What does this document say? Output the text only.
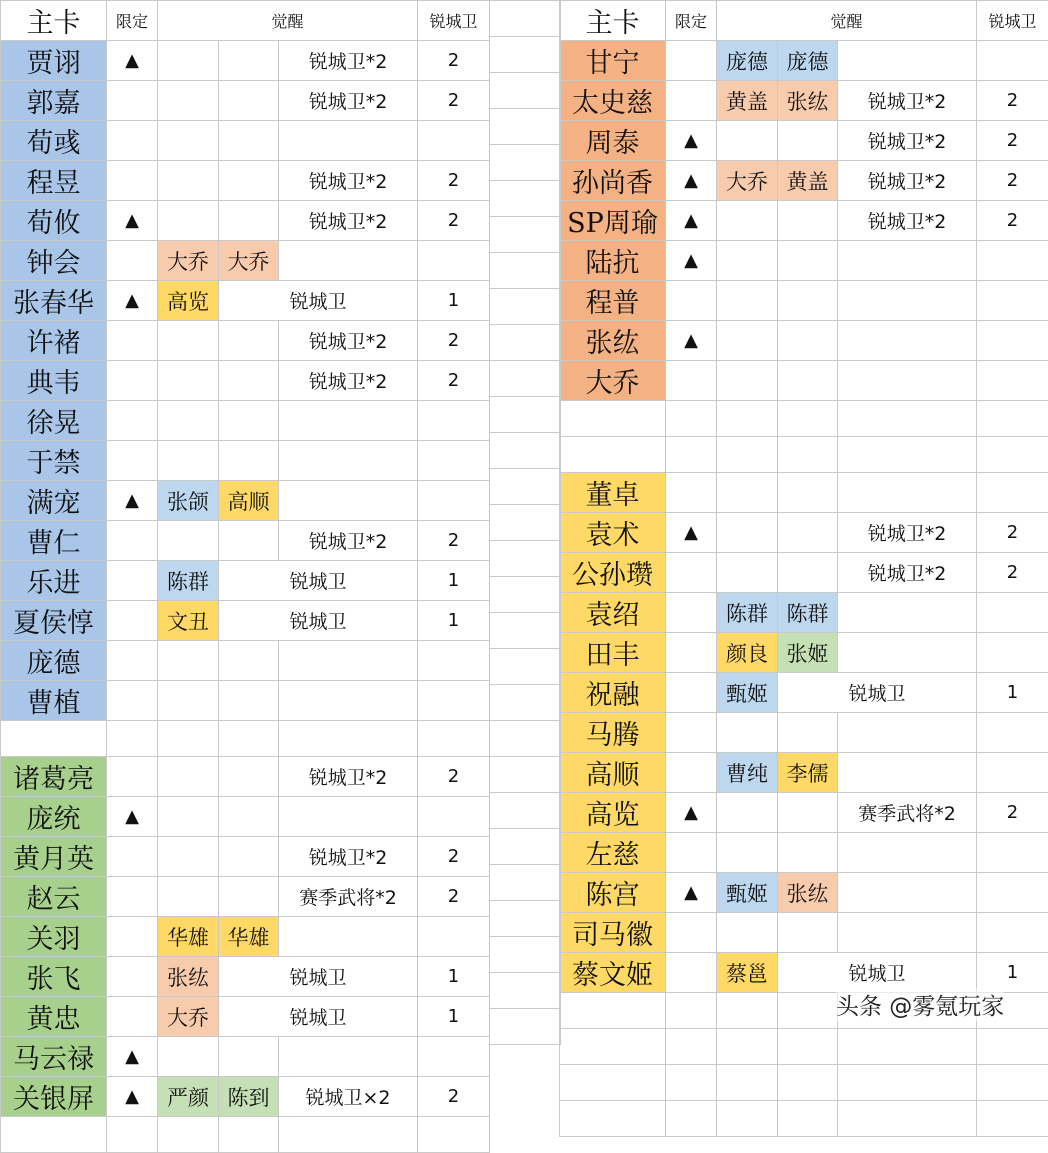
主卡	限定	觉醒			锐城卫
贾诩	▲			锐城卫*2	2
郭嘉				锐城卫*2	2
荀彧					
程昱				锐城卫*2	2
荀攸	▲			锐城卫*2	2
钟会		大乔	大乔		
张春华	▲	高览	锐城卫		1
许褚				锐城卫*2	2
典韦				锐城卫*2	2
徐晃					
于禁					
满宠	▲	张颌	高顺		
曹仁				锐城卫*2	2
乐进		陈群	锐城卫		1
夏侯惇		文丑	锐城卫		1
庞德					
曹植					

诸葛亮				锐城卫*2	2
庞统	▲				
黄月英				锐城卫*2	2
赵云				赛季武将*2	2
关羽		华雄	华雄		
张飞		张纮	锐城卫		1
黄忠		大乔	锐城卫		1
马云禄	▲				
关银屏	▲	严颜	陈到	锐城卫×2	2

主卡	限定	觉醒			锐城卫
甘宁		庞德	庞德		
太史慈		黄盖	张纮	锐城卫*2	2
周泰	▲			锐城卫*2	2
孙尚香	▲	大乔	黄盖	锐城卫*2	2
SP周瑜	▲			锐城卫*2	2
陆抗	▲				
程普					
张纮	▲				
大乔					

董卓					
袁术	▲			锐城卫*2	2
公孙瓒				锐城卫*2	2
袁绍		陈群	陈群		
田丰		颜良	张姬		
祝融		甄姬	锐城卫		1
马腾					
高顺		曹纯	李儒		
高览	▲			赛季武将*2	2
左慈					
陈宫	▲	甄姬	张纮		
司马徽					
蔡文姬		蔡邕	锐城卫		1

头条 @雾氪玩家
